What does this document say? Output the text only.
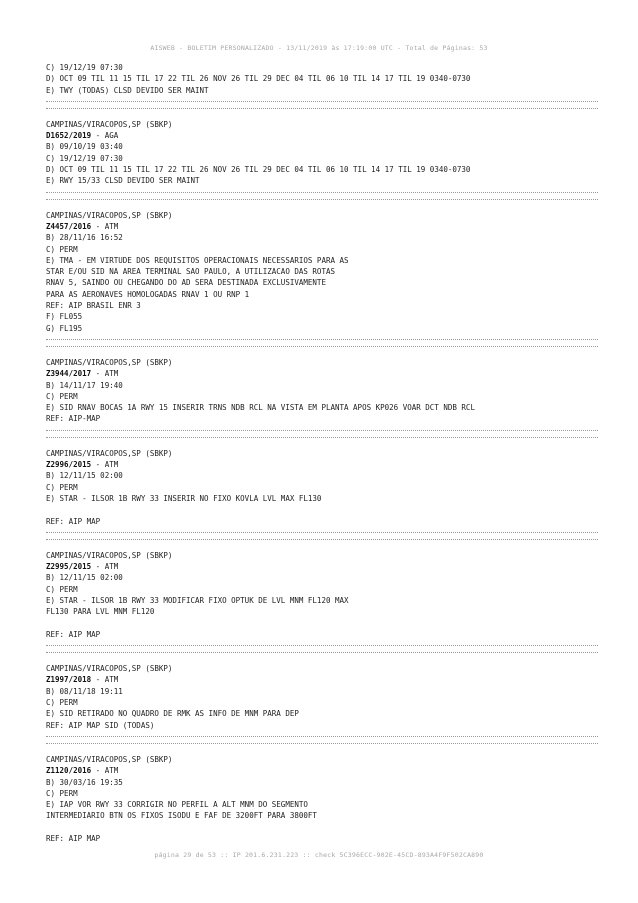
AISWEB - BOLETIM PERSONALIZADO - 13/11/2019 às 17:19:00 UTC - Total de Páginas: 53
C) 19/12/19 07:30
D) OCT 09 TIL 11 15 TIL 17 22 TIL 26 NOV 26 TIL 29 DEC 04 TIL 06 10 TIL 14 17 TIL 19 0340-0730
E) TWY (TODAS) CLSD DEVIDO SER MAINT
CAMPINAS/VIRACOPOS,SP (SBKP)
D1652/2019 - AGA
B) 09/10/19 03:40
C) 19/12/19 07:30
D) OCT 09 TIL 11 15 TIL 17 22 TIL 26 NOV 26 TIL 29 DEC 04 TIL 06 10 TIL 14 17 TIL 19 0340-0730
E) RWY 15/33 CLSD DEVIDO SER MAINT
CAMPINAS/VIRACOPOS,SP (SBKP)
Z4457/2016 - ATM
B) 28/11/16 16:52
C) PERM
E) TMA - EM VIRTUDE DOS REQUISITOS OPERACIONAIS NECESSARIOS PARA AS
STAR E/OU SID NA AREA TERMINAL SAO PAULO, A UTILIZACAO DAS ROTAS
RNAV 5, SAINDO OU CHEGANDO DO AD SERA DESTINADA EXCLUSIVAMENTE
PARA AS AERONAVES HOMOLOGADAS RNAV 1 OU RNP 1
REF: AIP BRASIL ENR 3
F) FL055
G) FL195
CAMPINAS/VIRACOPOS,SP (SBKP)
Z3944/2017 - ATM
B) 14/11/17 19:40
C) PERM
E) SID RNAV BOCAS 1A RWY 15 INSERIR TRNS NDB RCL NA VISTA EM PLANTA APOS KP026 VOAR DCT NDB RCL
REF: AIP-MAP
CAMPINAS/VIRACOPOS,SP (SBKP)
Z2996/2015 - ATM
B) 12/11/15 02:00
C) PERM
E) STAR - ILSOR 1B RWY 33 INSERIR NO FIXO KOVLA LVL MAX FL130
REF: AIP MAP
CAMPINAS/VIRACOPOS,SP (SBKP)
Z2995/2015 - ATM
B) 12/11/15 02:00
C) PERM
E) STAR - ILSOR 1B RWY 33 MODIFICAR FIXO OPTUK DE LVL MNM FL120 MAX
FL130 PARA LVL MNM FL120
REF: AIP MAP
CAMPINAS/VIRACOPOS,SP (SBKP)
Z1997/2018 - ATM
B) 08/11/18 19:11
C) PERM
E) SID RETIRADO NO QUADRO DE RMK AS INFO DE MNM PARA DEP
REF: AIP MAP SID (TODAS)
CAMPINAS/VIRACOPOS,SP (SBKP)
Z1120/2016 - ATM
B) 30/03/16 19:35
C) PERM
E) IAP VOR RWY 33 CORRIGIR NO PERFIL A ALT MNM DO SEGMENTO
INTERMEDIARIO BTN OS FIXOS ISODU E FAF DE 3200FT PARA 3800FT
REF: AIP MAP
página 29 de 53 :: IP 201.6.231.223 :: check 5C396ECC-902E-45CD-893A4F9F502CA890
